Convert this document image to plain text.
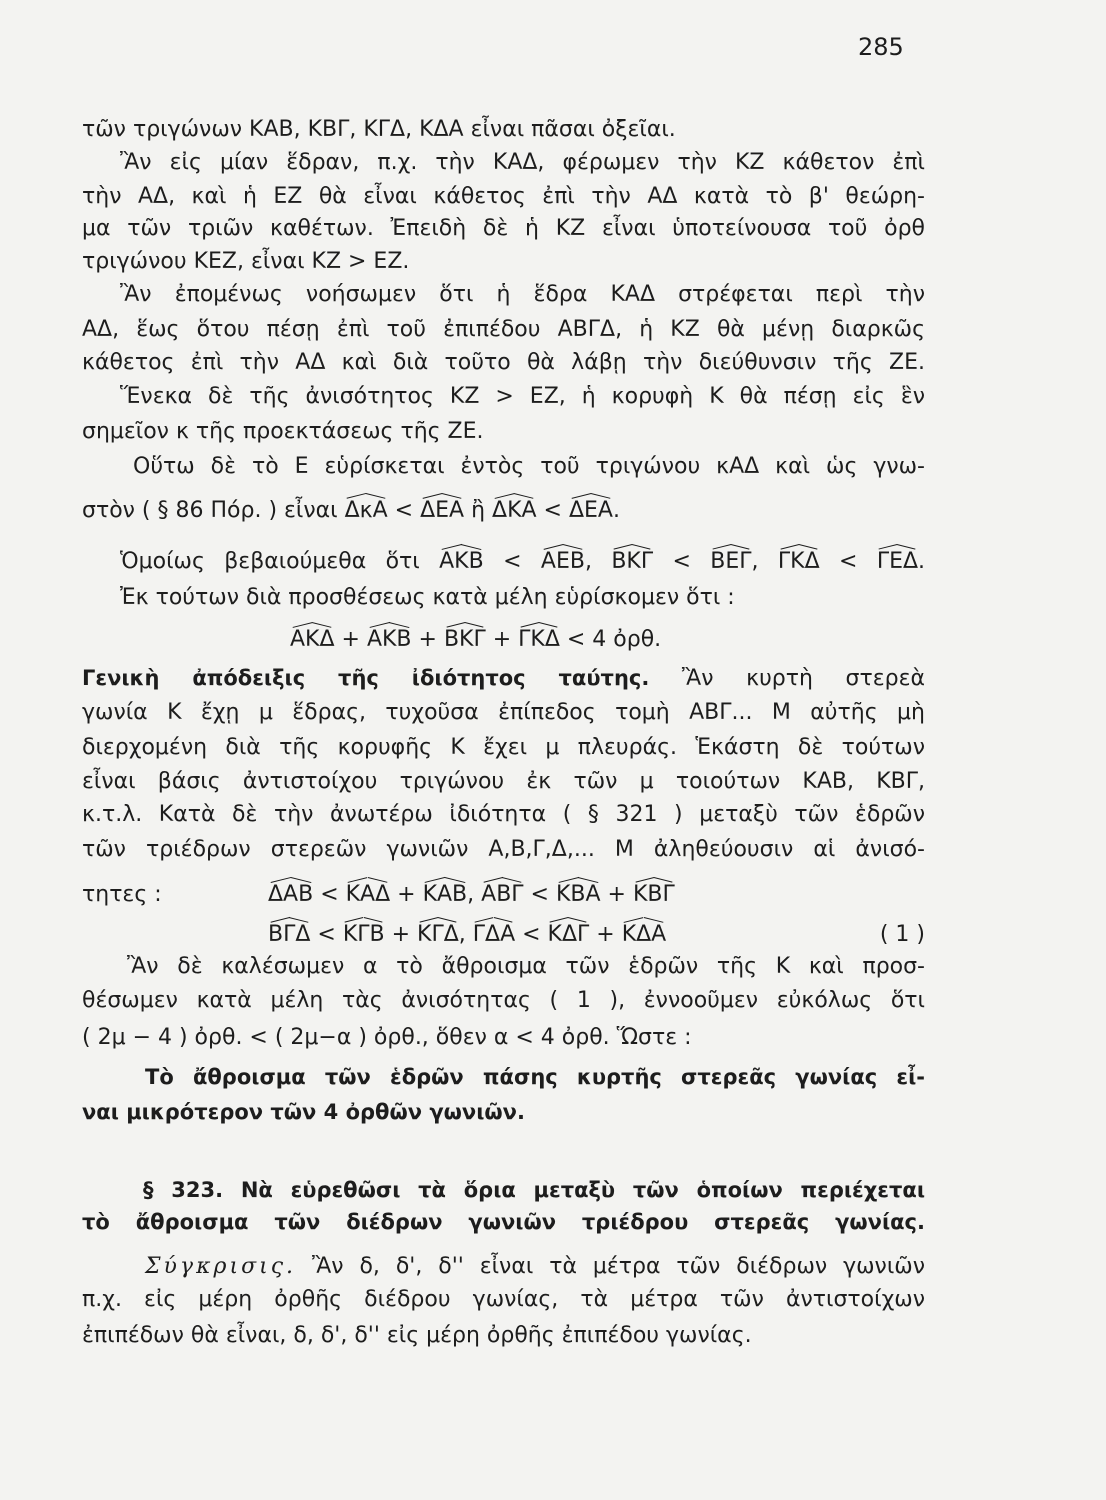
285
τῶν τριγώνων ΚΑΒ, ΚΒΓ, ΚΓΔ, ΚΔΑ εἶναι πᾶσαι ὀξεῖαι.
Ἂν εἰς μίαν ἕδραν, π.χ. τὴν ΚΑΔ, φέρωμεν τὴν ΚΖ κάθετον ἐπὶ
τὴν ΑΔ, καὶ ἡ ΕΖ θὰ εἶναι κάθετος ἐπὶ τὴν ΑΔ κατὰ τὸ β' θεώρη-
μα τῶν τριῶν καθέτων. Ἐπειδὴ δὲ ἡ ΚΖ εἶναι ὑποτείνουσα τοῦ ὀρθ
τριγώνου ΚΕΖ, εἶναι ΚΖ > ΕΖ.
Ἂν ἐπομένως νοήσωμεν ὅτι ἡ ἕδρα ΚΑΔ στρέφεται περὶ τὴν
ΑΔ, ἕως ὅτου πέσῃ ἐπὶ τοῦ ἐπιπέδου ΑΒΓΔ, ἡ ΚΖ θὰ μένῃ διαρκῶς
κάθετος ἐπὶ τὴν ΑΔ καὶ διὰ τοῦτο θὰ λάβῃ τὴν διεύθυνσιν τῆς ΖΕ.
Ἕνεκα δὲ τῆς ἀνισότητος ΚΖ > ΕΖ, ἡ κορυφὴ Κ θὰ πέσῃ εἰς ἓν
σημεῖον κ τῆς προεκτάσεως τῆς ΖΕ.
Οὕτω δὲ τὸ Ε εὑρίσκεται ἐντὸς τοῦ τριγώνου κΑΔ καὶ ὡς γνω-
στὸν ( § 86 Πόρ. ) εἶναι ΔκΑ < ΔΕΑ ἢ ΔΚΑ < ΔΕΑ.
Ὁμοίως βεβαιούμεθα ὅτι ΑΚΒ < ΑΕΒ, ΒΚΓ < ΒΕΓ, ΓΚΔ < ΓΕΔ.
Ἐκ τούτων διὰ προσθέσεως κατὰ μέλη εὑρίσκομεν ὅτι :
ΑΚΔ + ΑΚΒ + ΒΚΓ + ΓΚΔ < 4 ὀρθ.
Γενικὴ ἀπόδειξις τῆς ἰδιότητος ταύτης. Ἂν κυρτὴ στερεὰ
γωνία Κ ἔχῃ μ ἕδρας, τυχοῦσα ἐπίπεδος τομὴ ΑΒΓ... Μ αὐτῆς μὴ
διερχομένη διὰ τῆς κορυφῆς Κ ἔχει μ πλευράς. Ἑκάστη δὲ τούτων
εἶναι βάσις ἀντιστοίχου τριγώνου ἐκ τῶν μ τοιούτων ΚΑΒ, ΚΒΓ,
κ.τ.λ. Κατὰ δὲ τὴν ἀνωτέρω ἰδιότητα ( § 321 ) μεταξὺ τῶν ἑδρῶν
τῶν τριέδρων στερεῶν γωνιῶν Α,Β,Γ,Δ,... Μ ἀληθεύουσιν αἱ ἀνισό-
τητες :	ΔΑΒ < ΚΑΔ + ΚΑΒ, ΑΒΓ < ΚΒΑ + ΚΒΓ
ΒΓΔ < ΚΓΒ + ΚΓΔ, ΓΔΑ < ΚΔΓ + ΚΔΑ	( 1 )
Ἂν δὲ καλέσωμεν α τὸ ἄθροισμα τῶν ἑδρῶν τῆς Κ καὶ προσ-
θέσωμεν κατὰ μέλη τὰς ἀνισότητας ( 1 ), ἐννοοῦμεν εὐκόλως ὅτι
( 2μ − 4 ) ὀρθ. < ( 2μ−α ) ὀρθ., ὅθεν α < 4 ὀρθ. Ὥστε :
Τὸ ἄθροισμα τῶν ἑδρῶν πάσης κυρτῆς στερεᾶς γωνίας εἶ-
ναι μικρότερον τῶν 4 ὀρθῶν γωνιῶν.
§ 323. Νὰ εὑρεθῶσι τὰ ὅρια μεταξὺ τῶν ὁποίων περιέχεται
τὸ ἄθροισμα τῶν διέδρων γωνιῶν τριέδρου στερεᾶς γωνίας.
Σύγκρισις. Ἂν δ, δ', δ'' εἶναι τὰ μέτρα τῶν διέδρων γωνιῶν
π.χ. εἰς μέρη ὀρθῆς διέδρου γωνίας, τὰ μέτρα τῶν ἀντιστοίχων
ἐπιπέδων θὰ εἶναι, δ, δ', δ'' εἰς μέρη ὀρθῆς ἐπιπέδου γωνίας.
